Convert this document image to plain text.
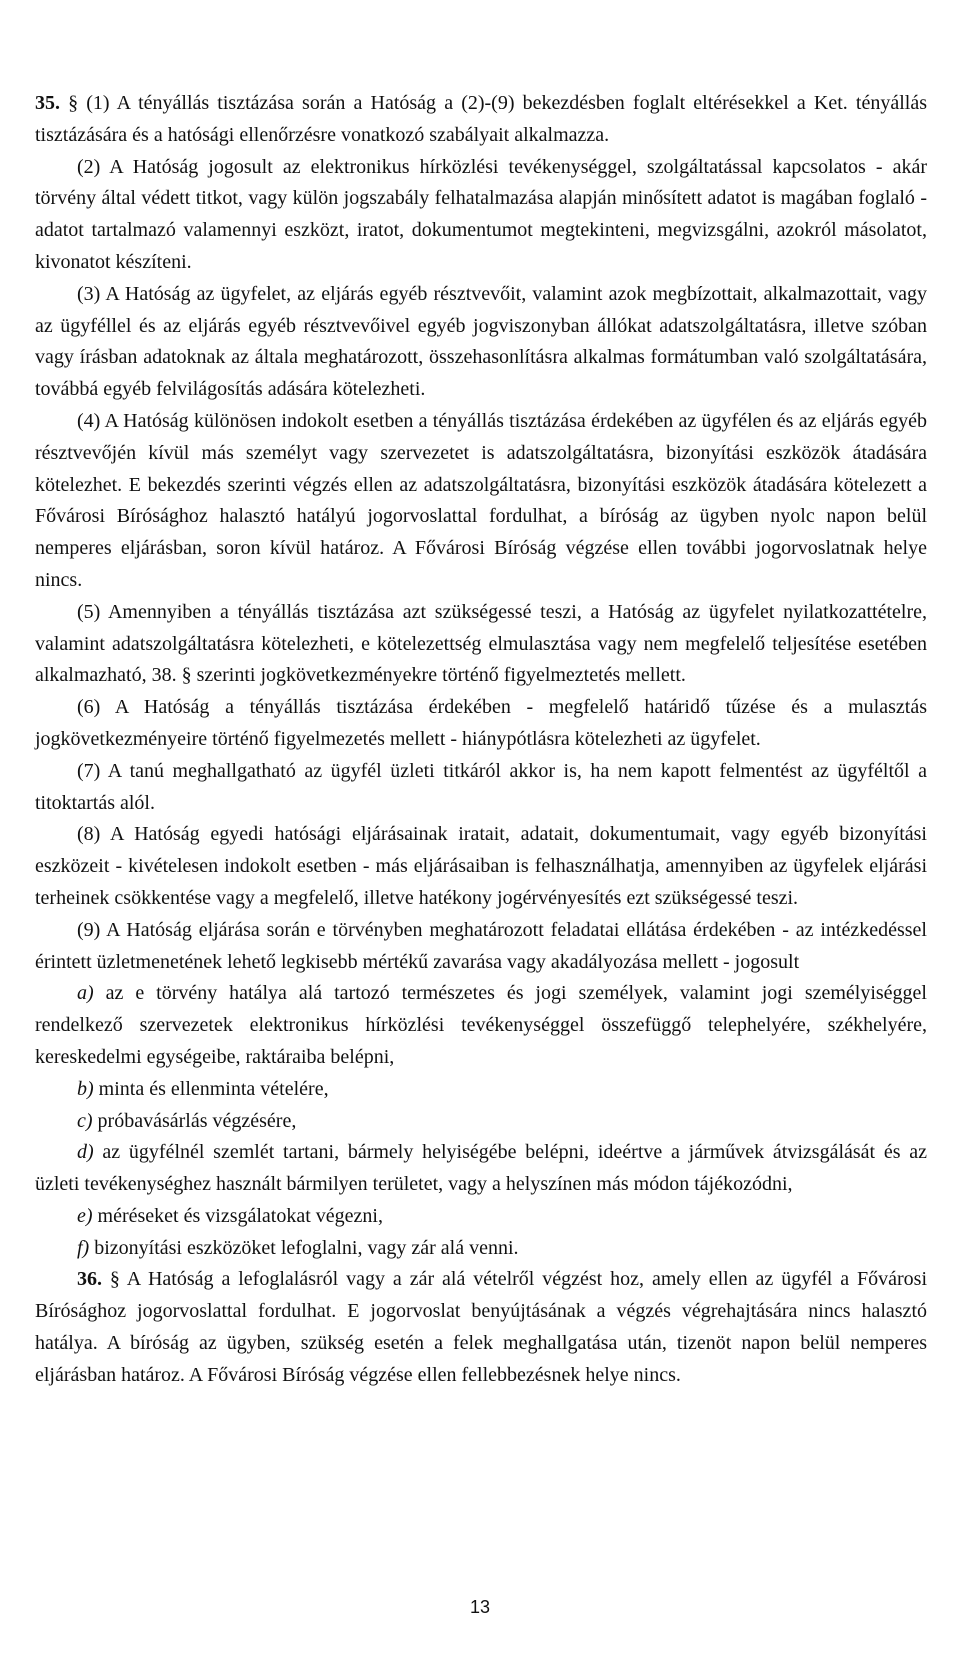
35. § (1) A tényállás tisztázása során a Hatóság a (2)-(9) bekezdésben foglalt eltérésekkel a Ket. tényállás tisztázására és a hatósági ellenőrzésre vonatkozó szabályait alkalmazza.

(2) A Hatóság jogosult az elektronikus hírközlési tevékenységgel, szolgáltatással kapcsolatos - akár törvény által védett titkot, vagy külön jogszabály felhatalmazása alapján minősített adatot is magában foglaló - adatot tartalmazó valamennyi eszközt, iratot, dokumentumot megtekinteni, megvizsgálni, azokról másolatot, kivonatot készíteni.

(3) A Hatóság az ügyfelet, az eljárás egyéb résztvevőit, valamint azok megbízottait, alkalmazottait, vagy az ügyféllel és az eljárás egyéb résztvevőivel egyéb jogviszonyban állókat adatszolgáltatásra, illetve szóban vagy írásban adatoknak az általa meghatározott, összehasonlításra alkalmas formátumban való szolgáltatására, továbbá egyéb felvilágosítás adására kötelezheti.

(4) A Hatóság különösen indokolt esetben a tényállás tisztázása érdekében az ügyfélen és az eljárás egyéb résztvevőjén kívül más személyt vagy szervezetet is adatszolgáltatásra, bizonyítási eszközök átadására kötelezhet. E bekezdés szerinti végzés ellen az adatszolgáltatásra, bizonyítási eszközök átadására kötelezett a Fővárosi Bírósághoz halasztó hatályú jogorvoslattal fordulhat, a bíróság az ügyben nyolc napon belül nemperes eljárásban, soron kívül határoz. A Fővárosi Bíróság végzése ellen további jogorvoslatnak helye nincs.

(5) Amennyiben a tényállás tisztázása azt szükségessé teszi, a Hatóság az ügyfelet nyilatkozattételre, valamint adatszolgáltatásra kötelezheti, e kötelezettség elmulasztása vagy nem megfelelő teljesítése esetében alkalmazható, 38. § szerinti jogkövetkezményekre történő figyelmeztetés mellett.

(6) A Hatóság a tényállás tisztázása érdekében - megfelelő határidő tűzése és a mulasztás jogkövetkezményeire történő figyelmezetés mellett - hiánypótlásra kötelezheti az ügyfelet.

(7) A tanú meghallgatható az ügyfél üzleti titkáról akkor is, ha nem kapott felmentést az ügyféltől a titoktartás alól.

(8) A Hatóság egyedi hatósági eljárásainak iratait, adatait, dokumentumait, vagy egyéb bizonyítási eszközeit - kivételesen indokolt esetben - más eljárásaiban is felhasználhatja, amennyiben az ügyfelek eljárási terheinek csökkentése vagy a megfelelő, illetve hatékony jogérvényesítés ezt szükségessé teszi.

(9) A Hatóság eljárása során e törvényben meghatározott feladatai ellátása érdekében - az intézkedéssel érintett üzletmenetének lehető legkisebb mértékű zavarása vagy akadályozása mellett - jogosult

a) az e törvény hatálya alá tartozó természetes és jogi személyek, valamint jogi személyiséggel rendelkező szervezetek elektronikus hírközlési tevékenységgel összefüggő telephelyére, székhelyére, kereskedelmi egységeibe, raktáraiba belépni,

b) minta és ellenminta vételére,

c) próbavásárlás végzésére,

d) az ügyfélnél szemlét tartani, bármely helyiségébe belépni, ideértve a járművek átvizsgálását és az üzleti tevékenységhez használt bármilyen területet, vagy a helyszínen más módon tájékozódni,

e) méréseket és vizsgálatokat végezni,

f) bizonyítási eszközöket lefoglalni, vagy zár alá venni.

36. § A Hatóság a lefoglalásról vagy a zár alá vételről végzést hoz, amely ellen az ügyfél a Fővárosi Bírósághoz jogorvoslattal fordulhat. E jogorvoslat benyújtásának a végzés végrehajtására nincs halasztó hatálya. A bíróság az ügyben, szükség esetén a felek meghallgatása után, tizenöt napon belül nemperes eljárásban határoz. A Fővárosi Bíróság végzése ellen fellebbezésnek helye nincs.

13
